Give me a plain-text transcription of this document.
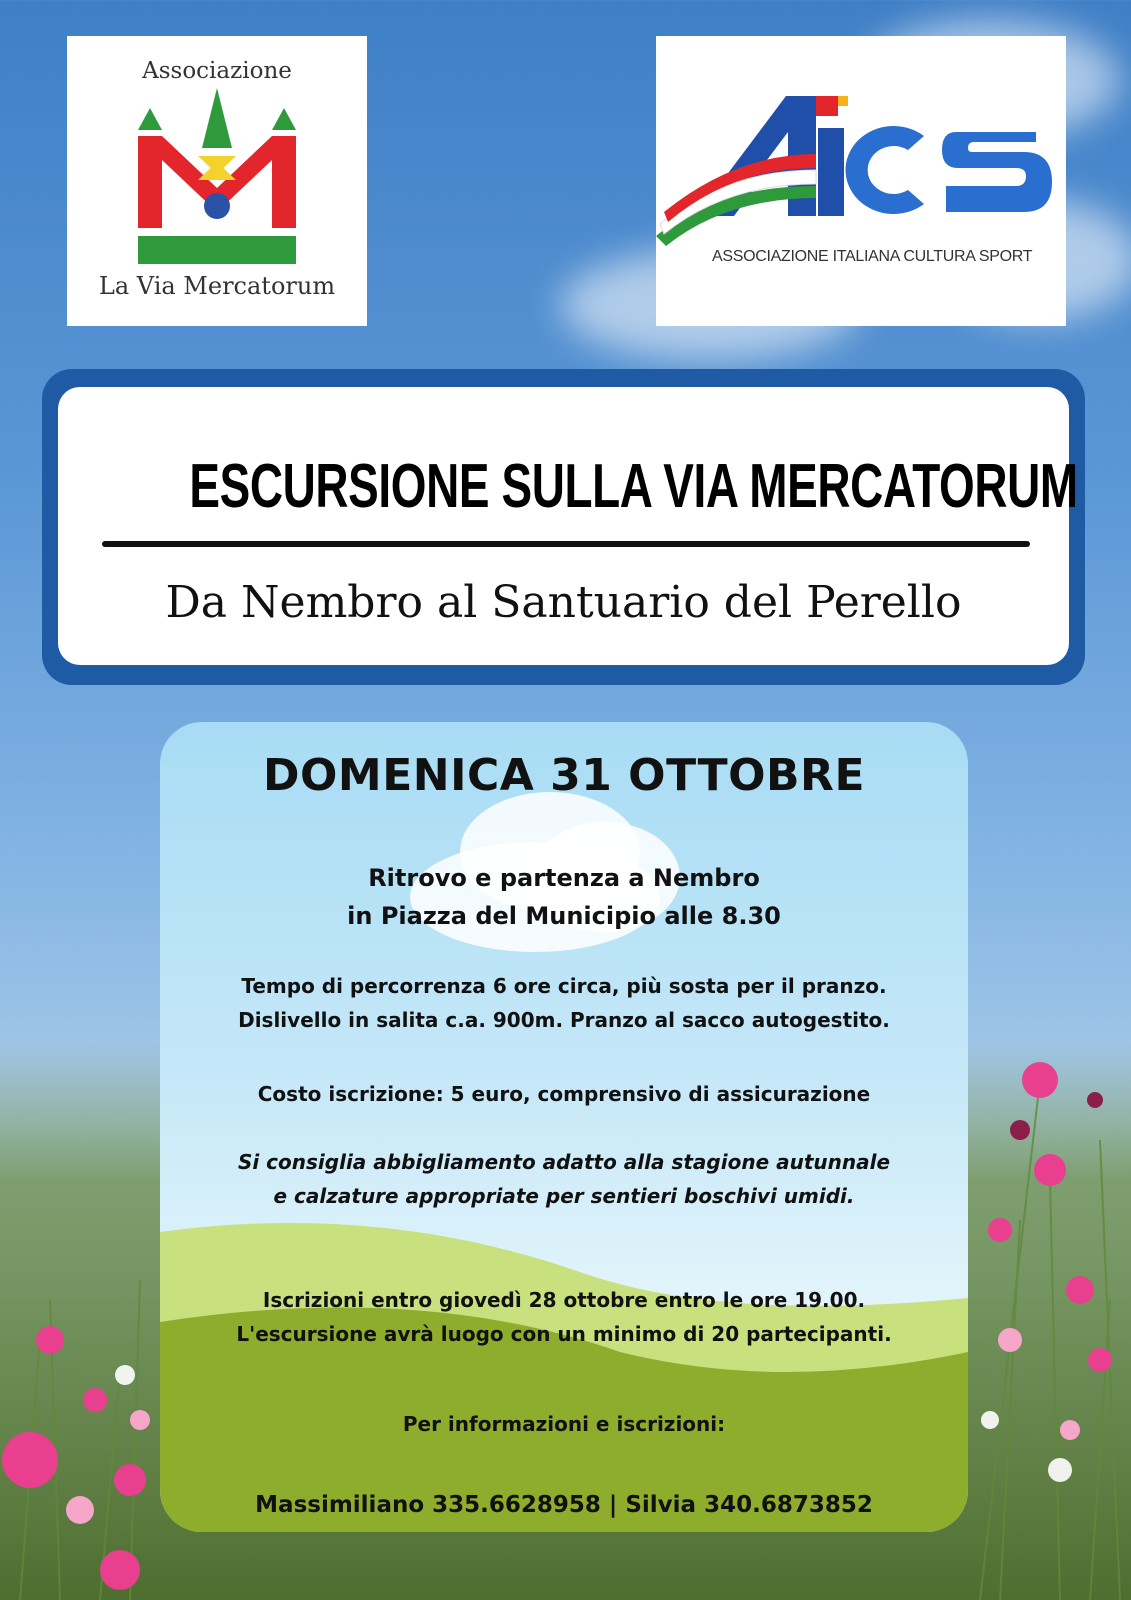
Associazione
La Via Mercatorum
ASSOCIAZIONE ITALIANA CULTURA SPORT
ESCURSIONE SULLA VIA MERCATORUM
Da Nembro al Santuario del Perello
DOMENICA 31 OTTOBRE
Ritrovo e partenza a Nembro
in Piazza del Municipio alle 8.30
Tempo di percorrenza 6 ore circa, più sosta per il pranzo.
Dislivello in salita c.a. 900m. Pranzo al sacco autogestito.
Costo iscrizione: 5 euro, comprensivo di assicurazione
Si consiglia abbigliamento adatto alla stagione autunnale
e calzature appropriate per sentieri boschivi umidi.
Iscrizioni entro giovedì 28 ottobre entro le ore 19.00.
L'escursione avrà luogo con un minimo di 20 partecipanti.
Per informazioni e iscrizioni:
Massimiliano 335.6628958 | Silvia 340.6873852
